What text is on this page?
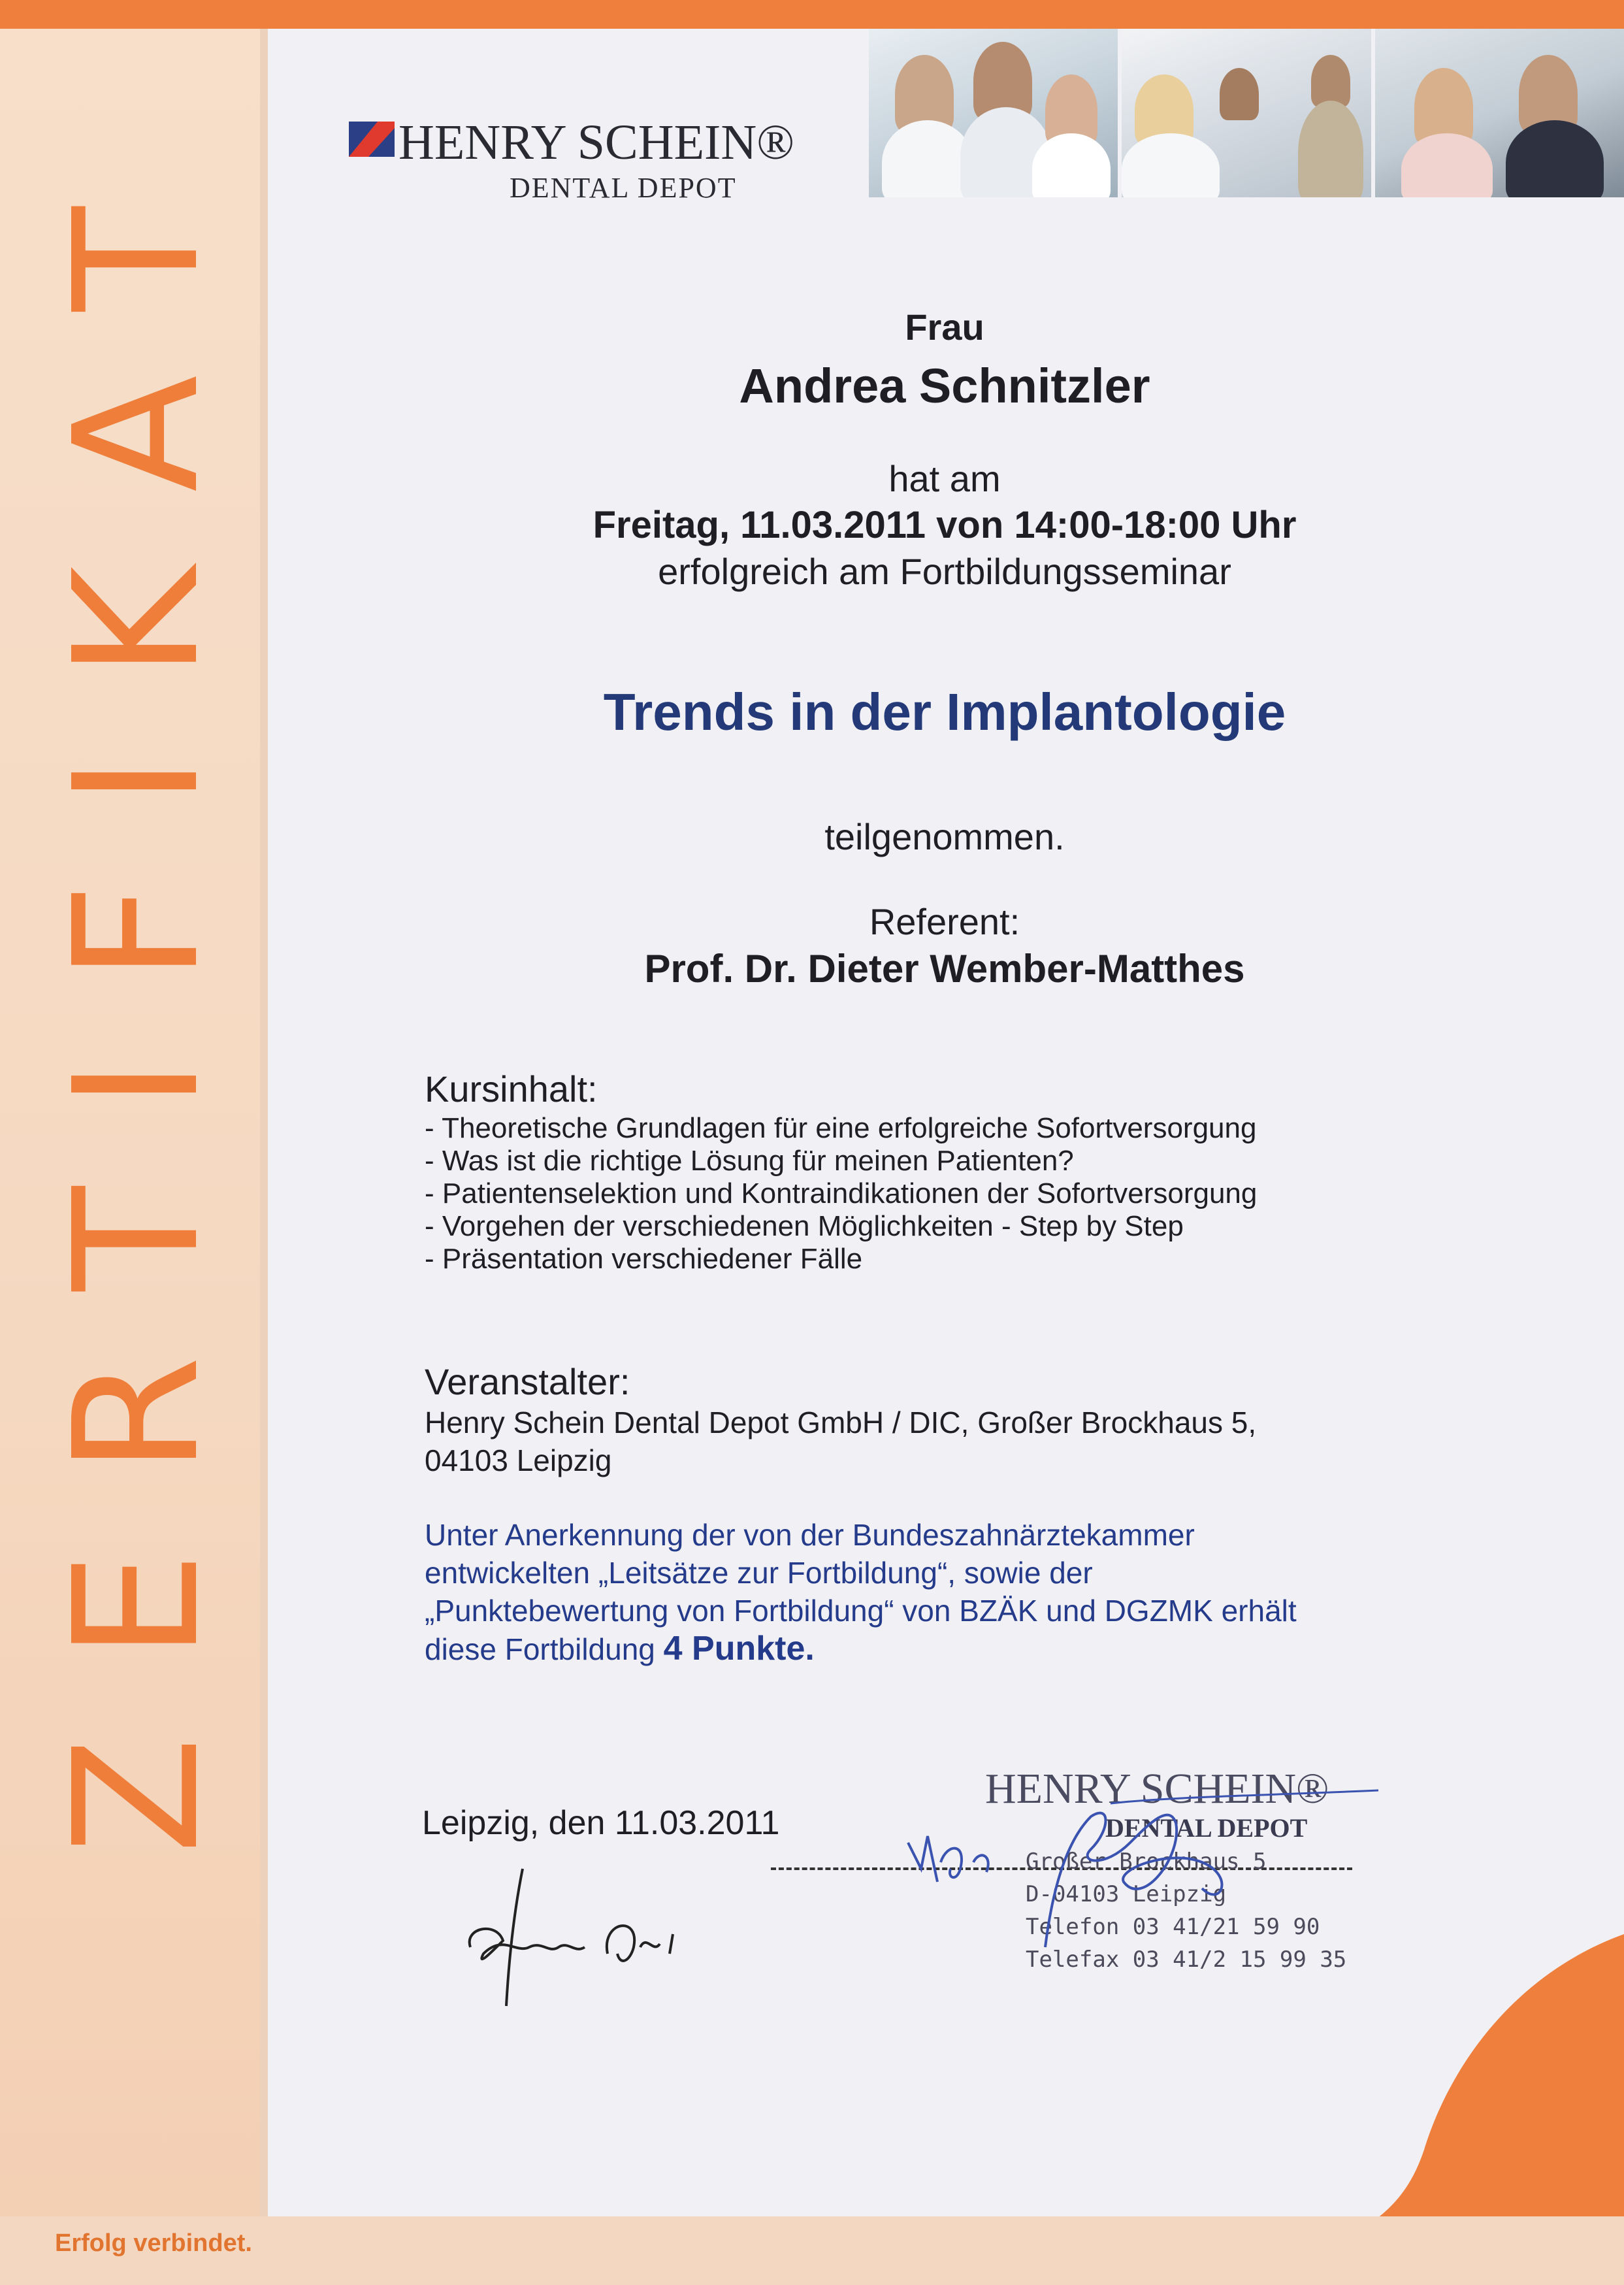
ZERTIFIKAT	HENRY SCHEIN®
DENTAL DEPOT
Frau
Andrea Schnitzler
hat am
Freitag, 11.03.2011 von 14:00-18:00 Uhr
erfolgreich am Fortbildungsseminar
Trends in der Implantologie
teilgenommen.
Referent:
Prof. Dr. Dieter Wember-Matthes
Kursinhalt:
- Theoretische Grundlagen für eine erfolgreiche Sofortversorgung
- Was ist die richtige Lösung für meinen Patienten?
- Patientenselektion und Kontraindikationen der Sofortversorgung
- Vorgehen der verschiedenen Möglichkeiten - Step by Step
- Präsentation verschiedener Fälle
Veranstalter:
Henry Schein Dental Depot GmbH / DIC, Großer Brockhaus 5,
04103 Leipzig
Unter Anerkennung der von der Bundeszahnärztekammer
entwickelten „Leitsätze zur Fortbildung“, sowie der
„Punktebewertung von Fortbildung“ von BZÄK und DGZMK erhält
diese Fortbildung 4 Punkte.
Leipzig, den 11.03.2011
HENRY SCHEIN®
DENTAL DEPOT
Großer Brockhaus 5
D-04103 Leipzig
Telefon 03 41/21 59 90
Telefax 03 41/2 15 99 35
Erfolg verbindet.
